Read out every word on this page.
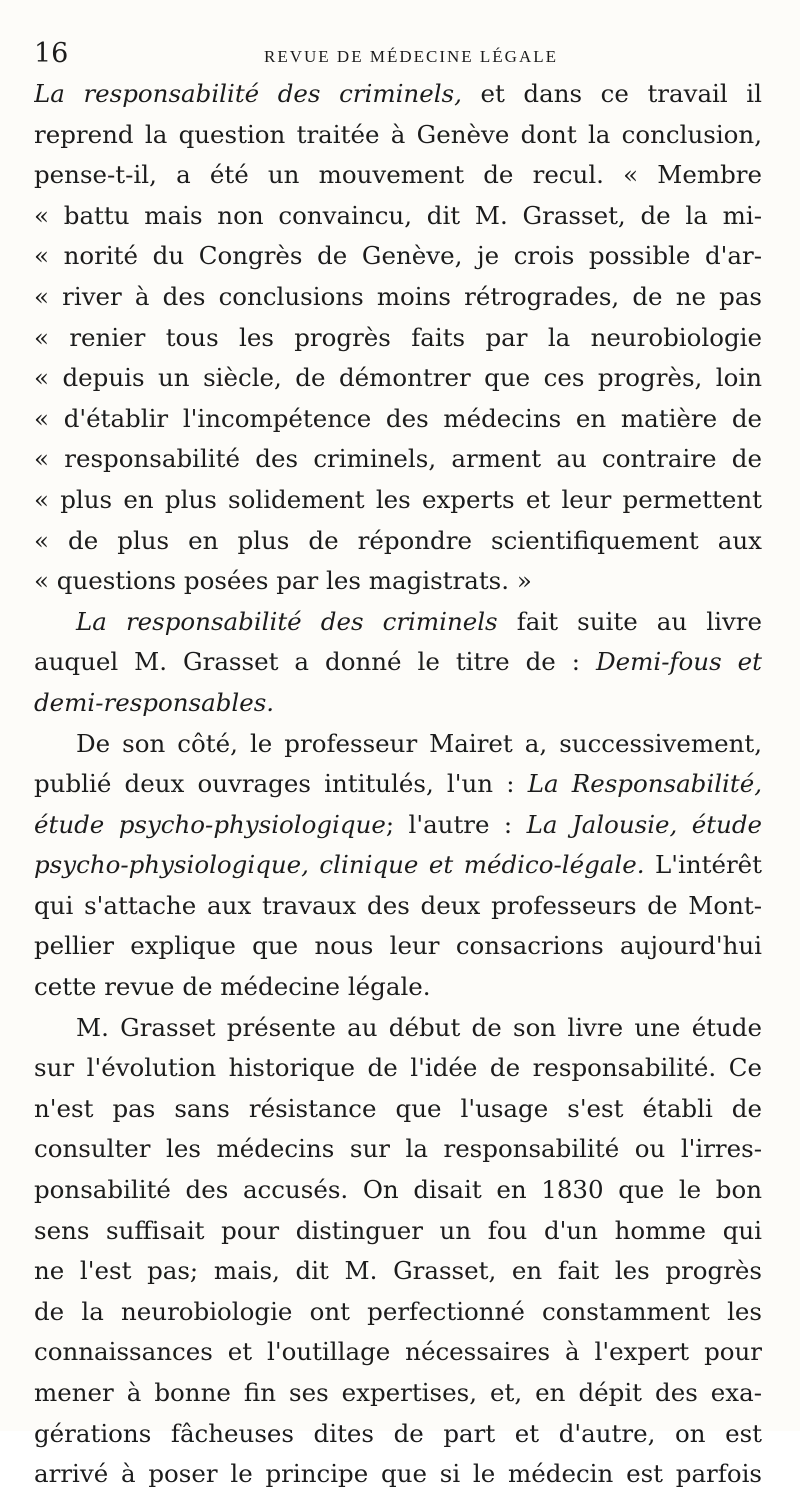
16	REVUE DE MÉDECINE LÉGALE
La responsabilité des criminels, et dans ce travail il
reprend la question traitée à Genève dont la conclusion,
pense-t-il, a été un mouvement de recul. « Membre
« battu mais non convaincu, dit M. Grasset, de la mi-
« norité du Congrès de Genève, je crois possible d'ar-
« river à des conclusions moins rétrogrades, de ne pas
« renier tous les progrès faits par la neurobiologie
« depuis un siècle, de démontrer que ces progrès, loin
« d'établir l'incompétence des médecins en matière de
« responsabilité des criminels, arment au contraire de
« plus en plus solidement les experts et leur permettent
« de plus en plus de répondre scientifiquement aux
« questions posées par les magistrats. »
La responsabilité des criminels fait suite au livre
auquel M. Grasset a donné le titre de : Demi-fous et
demi-responsables.
De son côté, le professeur Mairet a, successivement,
publié deux ouvrages intitulés, l'un : La Responsabilité,
étude psycho-physiologique; l'autre : La Jalousie, étude
psycho-physiologique, clinique et médico-légale. L'intérêt
qui s'attache aux travaux des deux professeurs de Mont-
pellier explique que nous leur consacrions aujourd'hui
cette revue de médecine légale.
M. Grasset présente au début de son livre une étude
sur l'évolution historique de l'idée de responsabilité. Ce
n'est pas sans résistance que l'usage s'est établi de
consulter les médecins sur la responsabilité ou l'irres-
ponsabilité des accusés. On disait en 1830 que le bon
sens suffisait pour distinguer un fou d'un homme qui
ne l'est pas; mais, dit M. Grasset, en fait les progrès
de la neurobiologie ont perfectionné constamment les
connaissances et l'outillage nécessaires à l'expert pour
mener à bonne fin ses expertises, et, en dépit des exa-
gérations fâcheuses dites de part et d'autre, on est
arrivé à poser le principe que si le médecin est parfois
